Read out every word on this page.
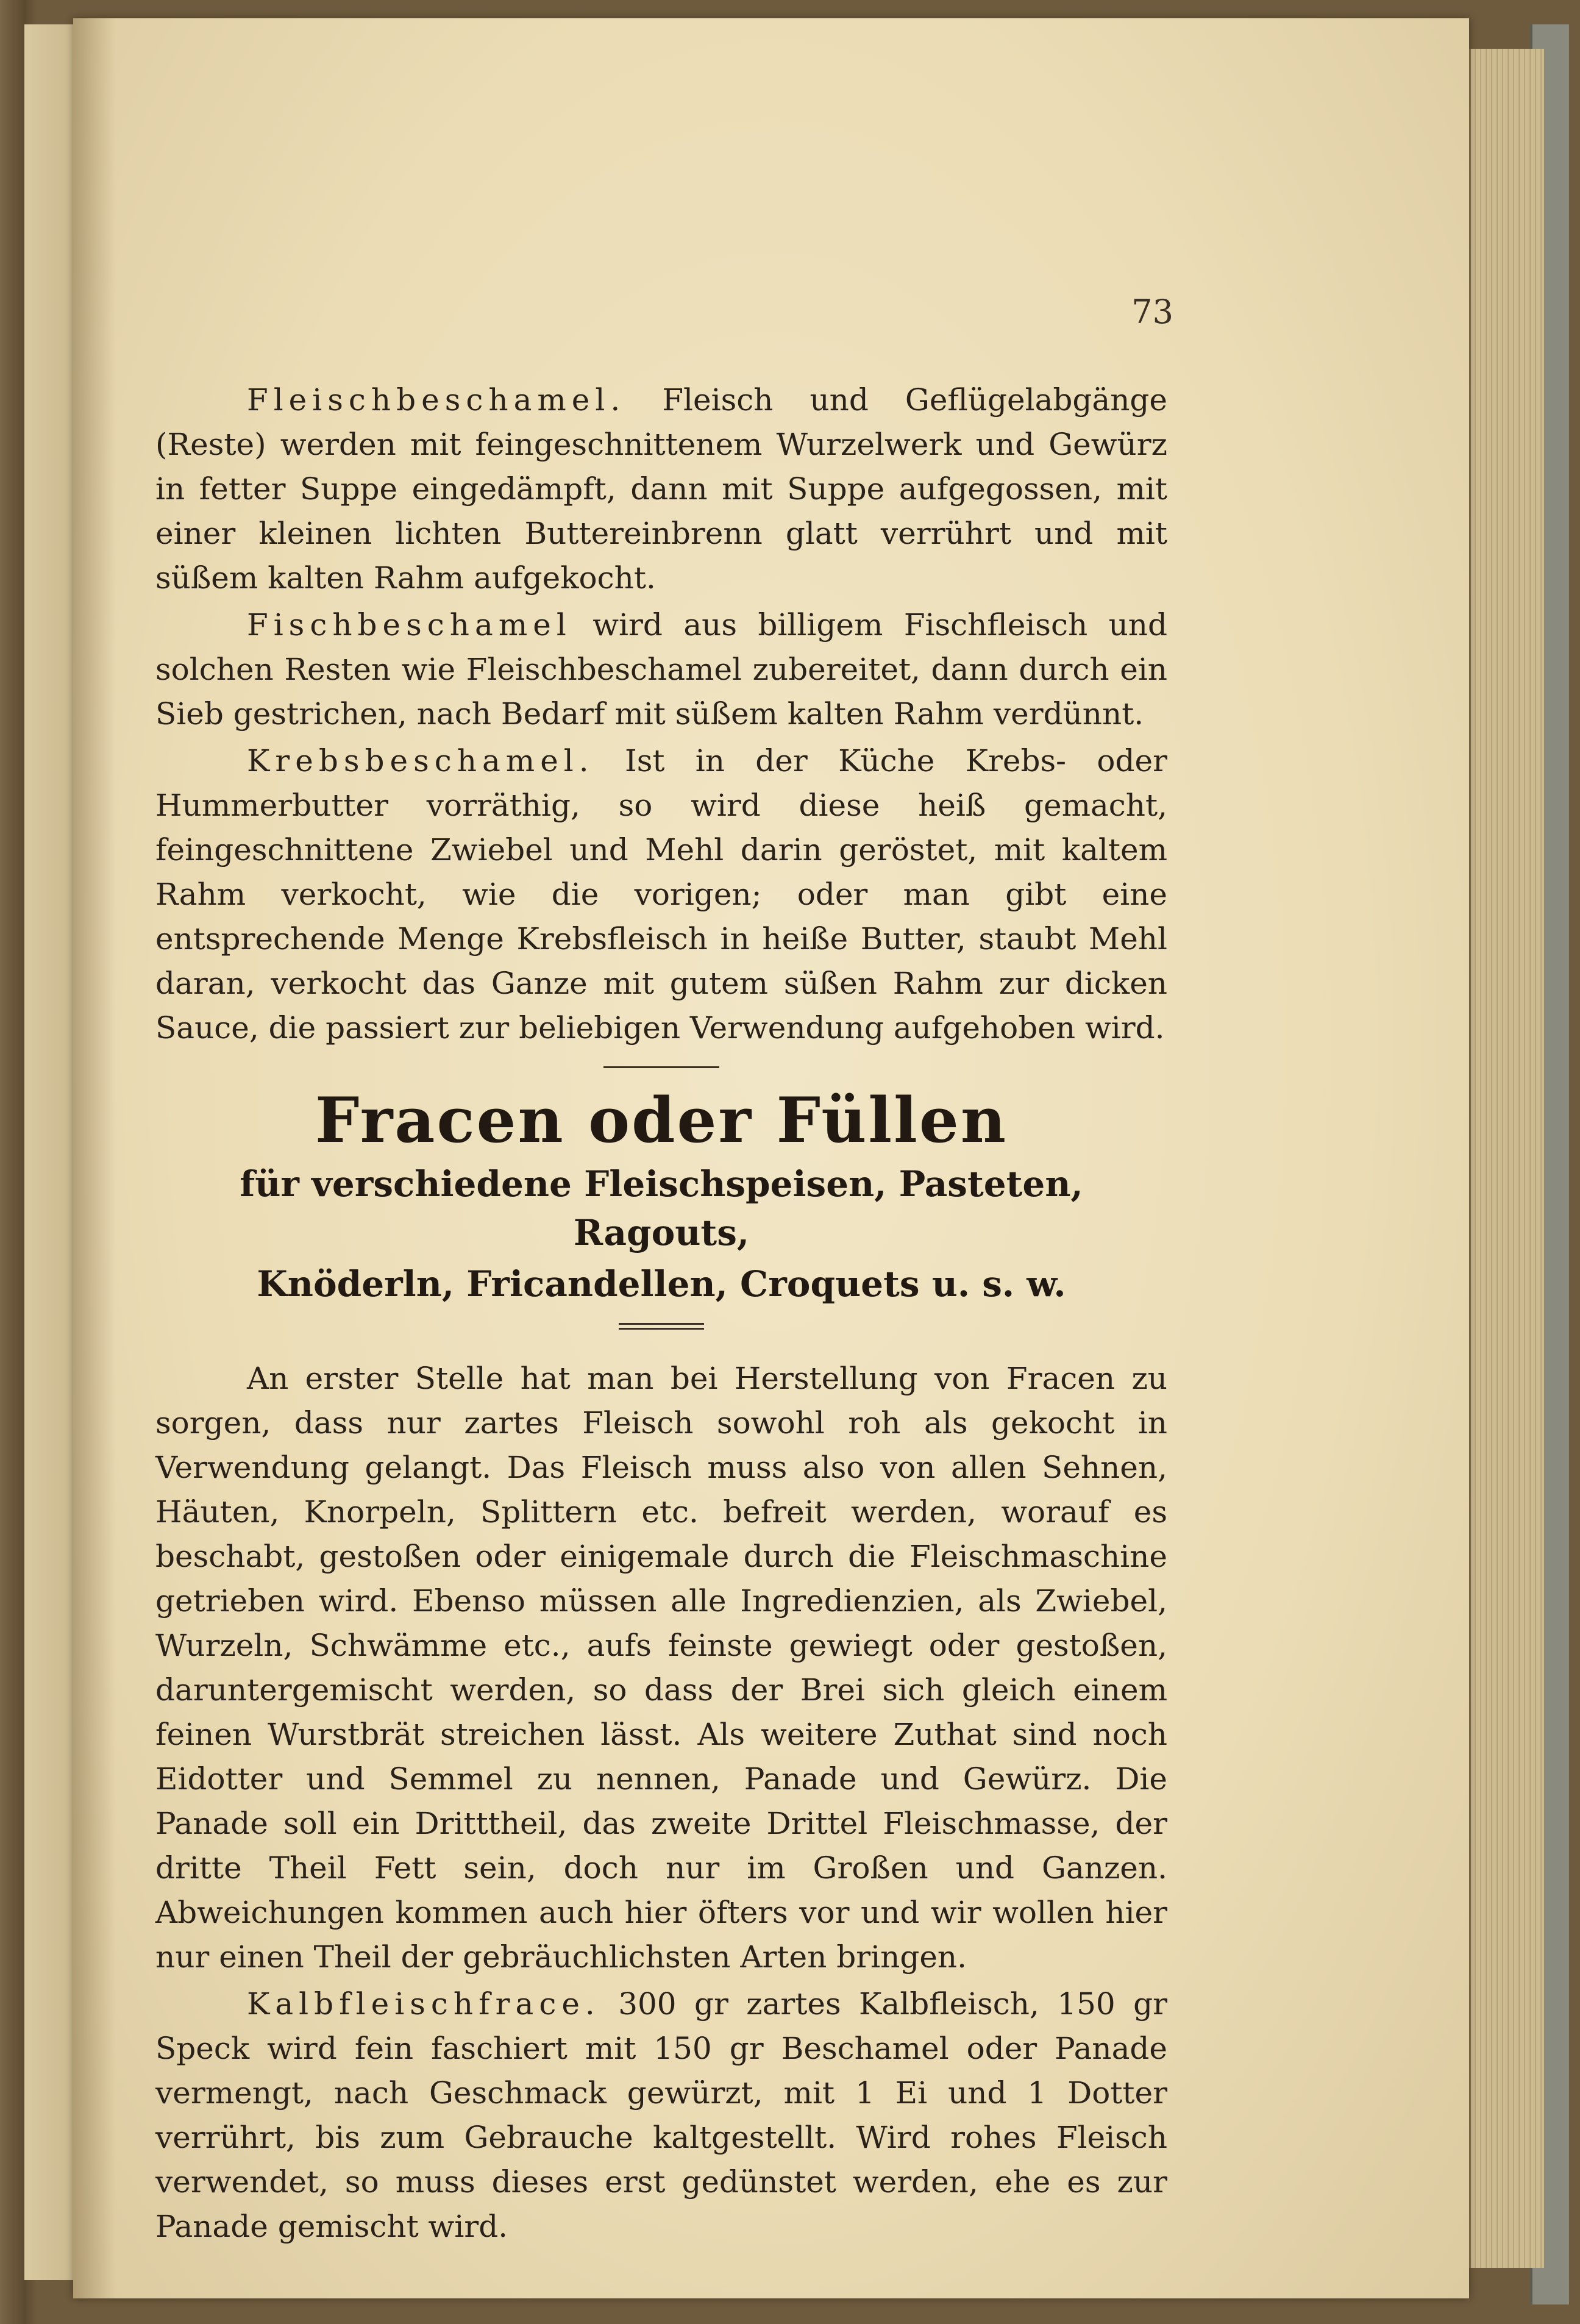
73

Fleischbeschamel. Fleisch und Geflügelabgänge (Reste) werden mit feingeschnittenem Wurzelwerk und Gewürz in fetter Suppe eingedämpft, dann mit Suppe aufgegossen, mit einer kleinen lichten Buttereinbrenn glatt verrührt und mit süßem kalten Rahm aufgekocht.

Fischbeschamel wird aus billigem Fischfleisch und solchen Resten wie Fleischbeschamel zubereitet, dann durch ein Sieb gestrichen, nach Bedarf mit süßem kalten Rahm verdünnt.

Krebsbeschamel. Ist in der Küche Krebs- oder Hummerbutter vorräthig, so wird diese heiß gemacht, feingeschnittene Zwiebel und Mehl darin geröstet, mit kaltem Rahm verkocht, wie die vorigen; oder man gibt eine entsprechende Menge Krebsfleisch in heiße Butter, staubt Mehl daran, verkocht das Ganze mit gutem süßen Rahm zur dicken Sauce, die passiert zur beliebigen Verwendung aufgehoben wird.

Fracen oder Füllen

für verschiedene Fleischspeisen, Pasteten, Ragouts,

Knöderln, Fricandellen, Croquets u. s. w.

An erster Stelle hat man bei Herstellung von Fracen zu sorgen, dass nur zartes Fleisch sowohl roh als gekocht in Verwendung gelangt. Das Fleisch muss also von allen Sehnen, Häuten, Knorpeln, Splittern etc. befreit werden, worauf es beschabt, gestoßen oder einigemale durch die Fleischmaschine getrieben wird. Ebenso müssen alle Ingredienzien, als Zwiebel, Wurzeln, Schwämme etc., aufs feinste gewiegt oder gestoßen, daruntergemischt werden, so dass der Brei sich gleich einem feinen Wurstbrät streichen lässt. Als weitere Zuthat sind noch Eidotter und Semmel zu nennen, Panade und Gewürz. Die Panade soll ein Dritttheil, das zweite Drittel Fleischmasse, der dritte Theil Fett sein, doch nur im Großen und Ganzen. Abweichungen kommen auch hier öfters vor und wir wollen hier nur einen Theil der gebräuchlichsten Arten bringen.

Kalbfleischfrace. 300 gr zartes Kalbfleisch, 150 gr Speck wird fein faschiert mit 150 gr Beschamel oder Panade vermengt, nach Geschmack gewürzt, mit 1 Ei und 1 Dotter verrührt, bis zum Gebrauche kaltgestellt. Wird rohes Fleisch verwendet, so muss dieses erst gedünstet werden, ehe es zur Panade gemischt wird.
